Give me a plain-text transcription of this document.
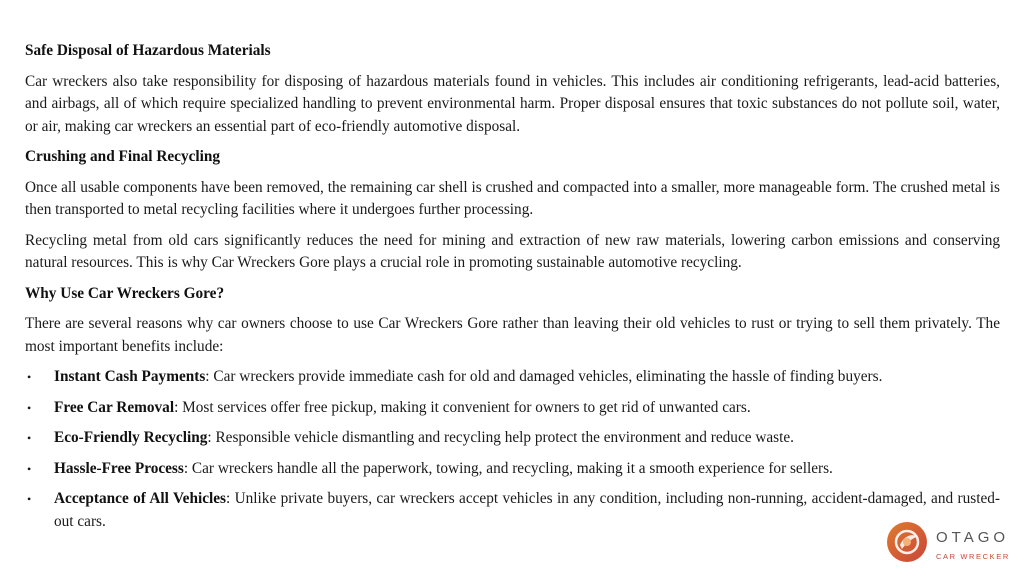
Safe Disposal of Hazardous Materials

Car wreckers also take responsibility for disposing of hazardous materials found in vehicles. This includes air conditioning refrigerants, lead-acid batteries, and airbags, all of which require specialized handling to prevent environmental harm. Proper disposal ensures that toxic substances do not pollute soil, water, or air, making car wreckers an essential part of eco-friendly automotive disposal.

Crushing and Final Recycling

Once all usable components have been removed, the remaining car shell is crushed and compacted into a smaller, more manageable form. The crushed metal is then transported to metal recycling facilities where it undergoes further processing.

Recycling metal from old cars significantly reduces the need for mining and extraction of new raw materials, lowering carbon emissions and conserving natural resources. This is why Car Wreckers Gore plays a crucial role in promoting sustainable automotive recycling.

Why Use Car Wreckers Gore?

There are several reasons why car owners choose to use Car Wreckers Gore rather than leaving their old vehicles to rust or trying to sell them privately. The most important benefits include:

• Instant Cash Payments: Car wreckers provide immediate cash for old and damaged vehicles, eliminating the hassle of finding buyers.
• Free Car Removal: Most services offer free pickup, making it convenient for owners to get rid of unwanted cars.
• Eco-Friendly Recycling: Responsible vehicle dismantling and recycling help protect the environment and reduce waste.
• Hassle-Free Process: Car wreckers handle all the paperwork, towing, and recycling, making it a smooth experience for sellers.
• Acceptance of All Vehicles: Unlike private buyers, car wreckers accept vehicles in any condition, including non-running, accident-damaged, and rusted-out cars.
OTAGO
CAR WRECKER
